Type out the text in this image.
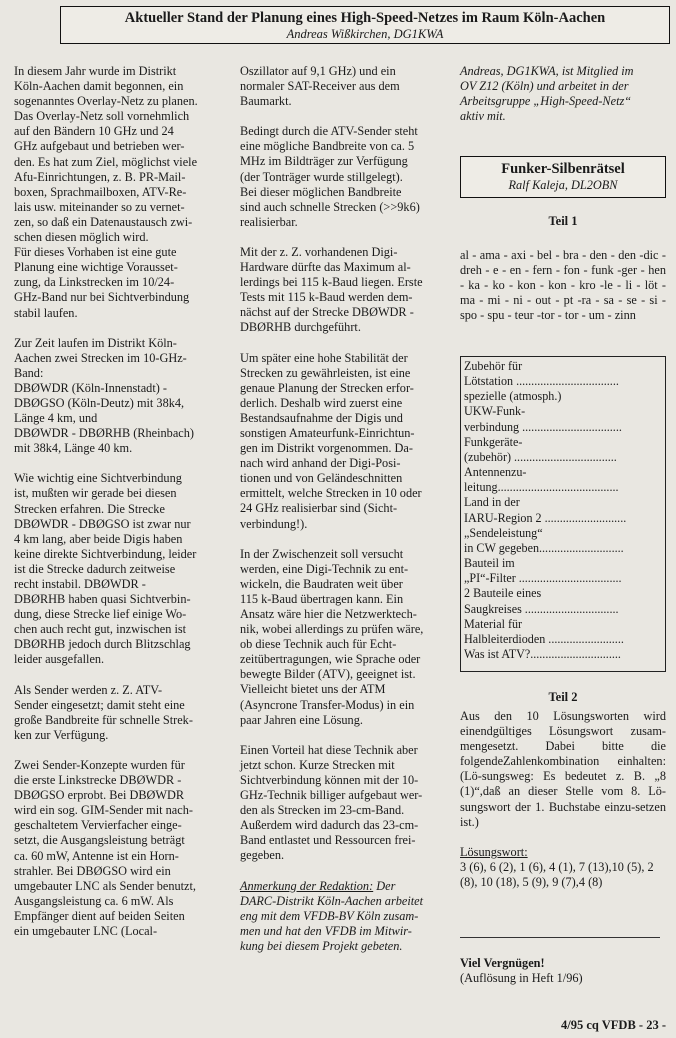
Aktueller Stand der Planung eines High-Speed-Netzes im Raum Köln-Aachen
Andreas Wißkirchen, DG1KWA

In diesem Jahr wurde im Distrikt
Köln-Aachen damit begonnen, ein
sogenanntes Overlay-Netz zu planen.
Das Overlay-Netz soll vornehmlich
auf den Bändern 10 GHz und 24
GHz aufgebaut und betrieben wer-
den. Es hat zum Ziel, möglichst viele
Afu-Einrichtungen, z. B. PR-Mail-
boxen, Sprachmailboxen, ATV-Re-
lais usw. miteinander so zu vernet-
zen, so daß ein Datenaustausch zwi-
schen diesen möglich wird.
Für dieses Vorhaben ist eine gute
Planung eine wichtige Vorausset-
zung, da Linkstrecken im 10/24-
GHz-Band nur bei Sichtverbindung
stabil laufen.

Zur Zeit laufen im Distrikt Köln-
Aachen zwei Strecken im 10-GHz-
Band:
DBØWDR (Köln-Innenstadt) -
DBØGSO (Köln-Deutz) mit 38k4,
Länge 4 km, und
DBØWDR - DBØRHB (Rheinbach)
mit 38k4, Länge 40 km.

Wie wichtig eine Sichtverbindung
ist, mußten wir gerade bei diesen
Strecken erfahren. Die Strecke
DBØWDR - DBØGSO ist zwar nur
4 km lang, aber beide Digis haben
keine direkte Sichtverbindung, leider
ist die Strecke dadurch zeitweise
recht instabil. DBØWDR -
DBØRHB haben quasi Sichtverbin-
dung, diese Strecke lief einige Wo-
chen auch recht gut, inzwischen ist
DBØRHB jedoch durch Blitzschlag
leider ausgefallen.

Als Sender werden z. Z. ATV-
Sender eingesetzt; damit steht eine
große Bandbreite für schnelle Strek-
ken zur Verfügung.

Zwei Sender-Konzepte wurden für
die erste Linkstrecke DBØWDR -
DBØGSO erprobt. Bei DBØWDR
wird ein sog. GIM-Sender mit nach-
geschaltetem Vervierfacher einge-
setzt, die Ausgangsleistung beträgt
ca. 60 mW, Antenne ist ein Horn-
strahler. Bei DBØGSO wird ein
umgebauter LNC als Sender benutzt,
Ausgangsleistung ca. 6 mW. Als
Empfänger dient auf beiden Seiten
ein umgebauter LNC (Local-

Oszillator auf 9,1 GHz) und ein
normaler SAT-Receiver aus dem
Baumarkt.

Bedingt durch die ATV-Sender steht
eine mögliche Bandbreite von ca. 5
MHz im Bildträger zur Verfügung
(der Tonträger wurde stillgelegt).
Bei dieser möglichen Bandbreite
sind auch schnelle Strecken (>>9k6)
realisierbar.

Mit der z. Z. vorhandenen Digi-
Hardware dürfte das Maximum al-
lerdings bei 115 k-Baud liegen. Erste
Tests mit 115 k-Baud werden dem-
nächst auf der Strecke DBØWDR -
DBØRHB durchgeführt.

Um später eine hohe Stabilität der
Strecken zu gewährleisten, ist eine
genaue Planung der Strecken erfor-
derlich. Deshalb wird zuerst eine
Bestandsaufnahme der Digis und
sonstigen Amateurfunk-Einrichtun-
gen im Distrikt vorgenommen. Da-
nach wird anhand der Digi-Posi-
tionen und von Geländeschnitten
ermittelt, welche Strecken in 10 oder
24 GHz realisierbar sind (Sicht-
verbindung!).

In der Zwischenzeit soll versucht
werden, eine Digi-Technik zu ent-
wickeln, die Baudraten weit über
115 k-Baud übertragen kann. Ein
Ansatz wäre hier die Netzwerktech-
nik, wobei allerdings zu prüfen wäre,
ob diese Technik auch für Echt-
zeitübertragungen, wie Sprache oder
bewegte Bilder (ATV), geeignet ist.
Vielleicht bietet uns der ATM
(Asyncrone Transfer-Modus) in ein
paar Jahren eine Lösung.

Einen Vorteil hat diese Technik aber
jetzt schon. Kurze Strecken mit
Sichtverbindung können mit der 10-
GHz-Technik billiger aufgebaut wer-
den als Strecken im 23-cm-Band.
Außerdem wird dadurch das 23-cm-
Band entlastet und Ressourcen frei-
gegeben.

Anmerkung der Redaktion: Der
DARC-Distrikt Köln-Aachen arbeitet
eng mit dem VFDB-BV Köln zusam-
men und hat den VFDB im Mitwir-
kung bei diesem Projekt gebeten.

Andreas, DG1KWA, ist Mitglied im
OV Z12 (Köln) und arbeitet in der
Arbeitsgruppe „High-Speed-Netz“
aktiv mit.

Funker-Silbenrätsel
Ralf Kaleja, DL2OBN
Teil 1
al - ama - axi - bel - bra - den - den -dic - dreh - e - en - fern - fon - funk -ger - hen - ka - ko - kon - kon - kro -le - li - löt - ma - mi - ni - out - pt -ra - sa - se - si - spo - spu - teur -tor - tor - um - zinn
Zubehör für
Lötstation ..................................
spezielle (atmosph.)
UKW-Funk-
verbindung .................................
Funkgeräte-
(zubehör) ..................................
Antennenzu-
leitung........................................
Land in der
IARU-Region 2 ...........................
„Sendeleistung“
in CW gegeben............................
Bauteil im
„PI“-Filter ..................................
2 Bauteile eines
Saugkreises ...............................
Material für
Halbleiterdioden .........................
Was ist ATV?..............................
Teil 2

Aus den 10 Lösungsworten wird einendgültiges Lösungswort zusam-mengesetzt. Dabei bitte die folgendeZahlenkombination einhalten: (Lö-sungsweg: Es bedeutet z. B. „8 (1)“,daß an dieser Stelle vom 8. Lö-sungswort der 1. Buchstabe einzu-setzen ist.)

Lösungswort:
3 (6), 6 (2), 1 (6), 4 (1), 7 (13),10 (5), 2 (8), 10 (18), 5 (9), 9 (7),4 (8)
Viel Vergnügen!
(Auflösung in Heft 1/96)
4/95 cq VFDB - 23 -
